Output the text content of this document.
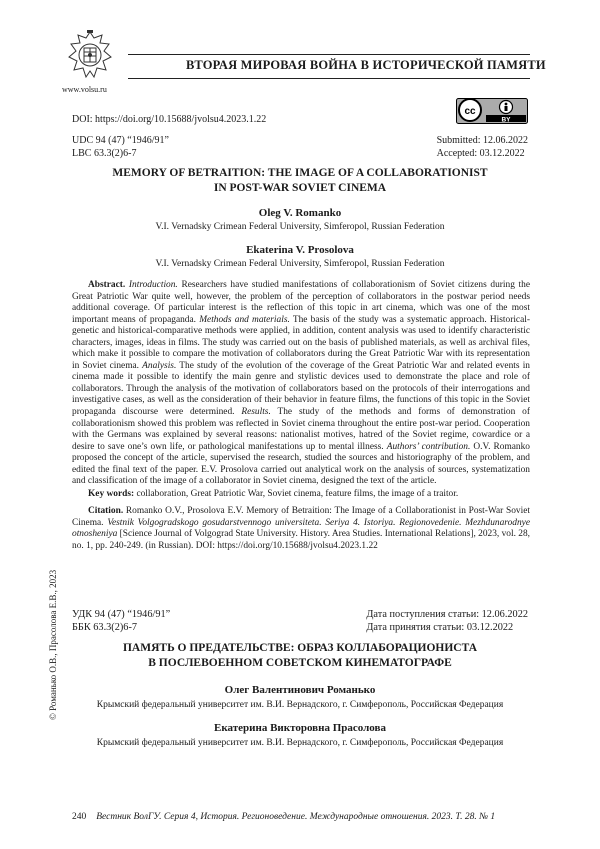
www.volsu.ru
ВТОРАЯ МИРОВАЯ ВОЙНА В ИСТОРИЧЕСКОЙ ПАМЯТИ
DOI: https://doi.org/10.15688/jvolsu4.2023.1.22
cc
BY
UDC 94 (47) “1946/91”
LBC 63.3(2)6-7
Submitted: 12.06.2022
Accepted: 03.12.2022
MEMORY OF BETRAITION: THE IMAGE OF A COLLABORATIONIST
IN POST-WAR SOVIET CINEMA
Oleg V. Romanko
V.I. Vernadsky Crimean Federal University, Simferopol, Russian Federation
Ekaterina V. Prosolova
V.I. Vernadsky Crimean Federal University, Simferopol, Russian Federation

Abstract. Introduction. Researchers have studied manifestations of collaborationism of Soviet citizens during the Great Patriotic War quite well, however, the problem of the perception of collaborators in the postwar period needs additional coverage. Of particular interest is the reflection of this topic in art cinema, which was one of the most important means of propaganda. Methods and materials. The basis of the study was a systematic approach. Historical-genetic and historical-comparative methods were applied, in addition, content analysis was used to identify characteristic characters, images, ideas in films. The study was carried out on the basis of published materials, as well as archival files, which make it possible to compare the motivation of collaborators during the Great Patriotic War with its representation in Soviet cinema. Analysis. The study of the evolution of the coverage of the Great Patriotic War and related events in cinema made it possible to identify the main genre and stylistic devices used to demonstrate the place and role of collaborators. Through the analysis of the motivation of collaborators based on the protocols of their interrogations and investigative cases, as well as the consideration of their behavior in feature films, the functions of this topic in the Soviet propaganda discourse were determined. Results. The study of the methods and forms of demonstration of collaborationism showed this problem was reflected in Soviet cinema throughout the entire post-war period. Cooperation with the Germans was explained by several reasons: nationalist motives, hatred of the Soviet regime, cowardice or a desire to save one’s own life, or pathological manifestations up to mental illness. Authors’ contribution. O.V. Romanko proposed the concept of the article, supervised the research, studied the sources and historiography of the problem, and edited the final text of the paper. E.V. Prosolova carried out analytical work on the analysis of sources, systematization and classification of the image of a collaborator in Soviet cinema, designed the text of the article.

Key words: collaboration, Great Patriotic War, Soviet cinema, feature films, the image of a traitor.

Citation. Romanko O.V., Prosolova E.V. Memory of Betraition: The Image of a Collaborationist in Post-War Soviet Cinema. Vestnik Volgogradskogo gosudarstvennogo universiteta. Seriya 4. Istoriya. Regionovedenie. Mezhdunarodnye otnosheniya [Science Journal of Volgograd State University. History. Area Studies. International Relations], 2023, vol. 28, no. 1, pp. 240-249. (in Russian). DOI: https://doi.org/10.15688/jvolsu4.2023.1.22

© Романько О.В., Прасолова Е.В., 2023 УДК 94 (47) “1946/91”
ББК 63.3(2)6-7
Дата поступления статьи: 12.06.2022
Дата принятия статьи: 03.12.2022
ПАМЯТЬ О ПРЕДАТЕЛЬСТВЕ: ОБРАЗ КОЛЛАБОРАЦИОНИСТА
В ПОСЛЕВОЕННОМ СОВЕТСКОМ КИНЕМАТОГРАФЕ
Олег Валентинович Романько
Крымский федеральный университет им. В.И. Вернадского, г. Симферополь, Российская Федерация
Екатерина Викторовна Прасолова
Крымский федеральный университет им. В.И. Вернадского, г. Симферополь, Российская Федерация
240 Вестник ВолГУ. Серия 4, История. Регионоведение. Международные отношения. 2023. Т. 28. № 1
